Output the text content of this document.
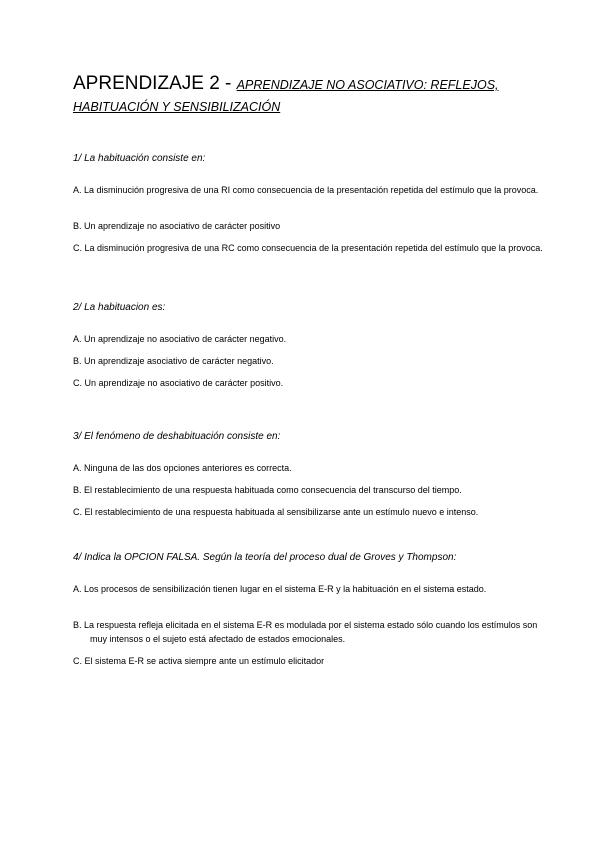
APRENDIZAJE 2 - APRENDIZAJE NO ASOCIATIVO: REFLEJOS, HABITUACIÓN Y SENSIBILIZACIÓN
1/ La habituación consiste en:
A. La disminución progresiva de una RI como consecuencia de la presentación repetida del estímulo que la provoca.
B. Un aprendizaje no asociativo de carácter positivo
C. La disminución progresiva de una RC como consecuencia de la presentación repetida del estímulo que la provoca.
2/ La habituacion es:
A. Un aprendizaje no asociativo de carácter negativo.
B. Un aprendizaje asociativo de carácter negativo.
C. Un aprendizaje no asociativo de carácter positivo.
3/ El fenómeno de deshabituación consiste en:
A. Ninguna de las dos opciones anteriores es correcta.
B. El restablecimiento de una respuesta habituada como consecuencia del transcurso del tiempo.
C. El restablecimiento de una respuesta habituada al sensibilizarse ante un estímulo nuevo e intenso.
4/ Indica la OPCION FALSA. Según la teoría del proceso dual de Groves y Thompson:
A. Los procesos de sensibilización tienen lugar en el sistema E-R y la habituación en el sistema estado.
B. La respuesta refleja elicitada en el sistema E-R es modulada por el sistema estado sólo cuando los estímulos son muy intensos o el sujeto está afectado de estados emocionales.
C. El sistema E-R se activa siempre ante un estímulo elicitador
